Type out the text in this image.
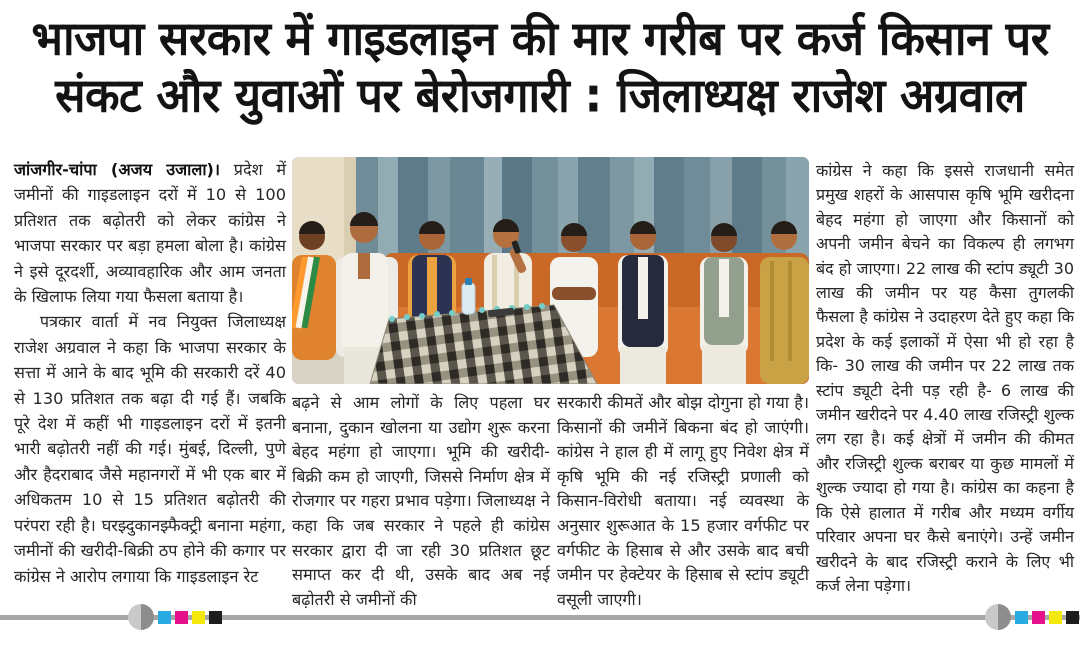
भाजपा सरकार में गाइडलाइन की मार गरीब पर कर्ज किसान पर
संकट और युवाओं पर बेरोजगारी : जिलाध्यक्ष राजेश अग्रवाल

जांजगीर-चांपा (अजय उजाला)। प्रदेश में जमीनों की गाइडलाइन दरों में 10 से 100 प्रतिशत तक बढ़ोतरी को लेकर कांग्रेस ने भाजपा सरकार पर बड़ा हमला बोला है। कांग्रेस ने इसे दूरदर्शी, अव्यावहारिक और आम जनता के खिलाफ लिया गया फैसला बताया है।

पत्रकार वार्ता में नव नियुक्त जिलाध्यक्ष राजेश अग्रवाल ने कहा कि भाजपा सरकार के सत्ता में आने के बाद भूमि की सरकारी दरें 40 से 130 प्रतिशत तक बढ़ा दी गई हैं। जबकि पूरे देश में कहीं भी गाइडलाइन दरों में इतनी भारी बढ़ोतरी नहीं की गई। मुंबई, दिल्ली, पुणे और हैदराबाद जैसे महानगरों में भी एक बार में अधिकतम 10 से 15 प्रतिशत बढ़ोतरी की परंपरा रही है। घरझ्दुकानझ्फैक्ट्री बनाना महंगा, जमीनों की खरीदी-बिक्री ठप होने की कगार पर कांग्रेस ने आरोप लगाया कि गाइडलाइन रेट

बढ़ने से आम लोगों के लिए पहला घर बनाना, दुकान खोलना या उद्योग शुरू करना बेहद महंगा हो जाएगा। भूमि की खरीदी- बिक्री कम हो जाएगी, जिससे निर्माण क्षेत्र में रोजगार पर गहरा प्रभाव पड़ेगा। जिलाध्यक्ष ने कहा कि जब सरकार ने पहले ही कांग्रेस सरकार द्वारा दी जा रही 30 प्रतिशत छूट समाप्त कर दी थी, उसके बाद अब नई बढ़ोतरी से जमीनों की

सरकारी कीमतें और बोझ दोगुना हो गया है। किसानों की जमीनें बिकना बंद हो जाएंगी। कांग्रेस ने हाल ही में लागू हुए निवेश क्षेत्र में कृषि भूमि की नई रजिस्ट्री प्रणाली को किसान-विरोधी बताया। नई व्यवस्था के अनुसार शुरूआत के 15 हजार वर्गफीट पर वर्गफीट के हिसाब से और उसके बाद बची जमीन पर हेक्टेयर के हिसाब से स्टांप ड्यूटी वसूली जाएगी।

कांग्रेस ने कहा कि इससे राजधानी समेत प्रमुख शहरों के आसपास कृषि भूमि खरीदना बेहद महंगा हो जाएगा और किसानों को अपनी जमीन बेचने का विकल्प ही लगभग बंद हो जाएगा। 22 लाख की स्टांप ड्यूटी 30 लाख की जमीन पर यह कैसा तुगलकी फैसला है कांग्रेस ने उदाहरण देते हुए कहा कि प्रदेश के कई इलाकों में ऐसा भी हो रहा है कि- 30 लाख की जमीन पर 22 लाख तक स्टांप ड्यूटी देनी पड़ रही है- 6 लाख की जमीन खरीदने पर 4.40 लाख रजिस्ट्री शुल्क लग रहा है। कई क्षेत्रों में जमीन की कीमत और रजिस्ट्री शुल्क बराबर या कुछ मामलों में शुल्क ज्यादा हो गया है। कांग्रेस का कहना है कि ऐसे हालात में गरीब और मध्यम वर्गीय परिवार अपना घर कैसे बनाएंगे। उन्हें जमीन खरीदने के बाद रजिस्ट्री कराने के लिए भी कर्ज लेना पड़ेगा।
